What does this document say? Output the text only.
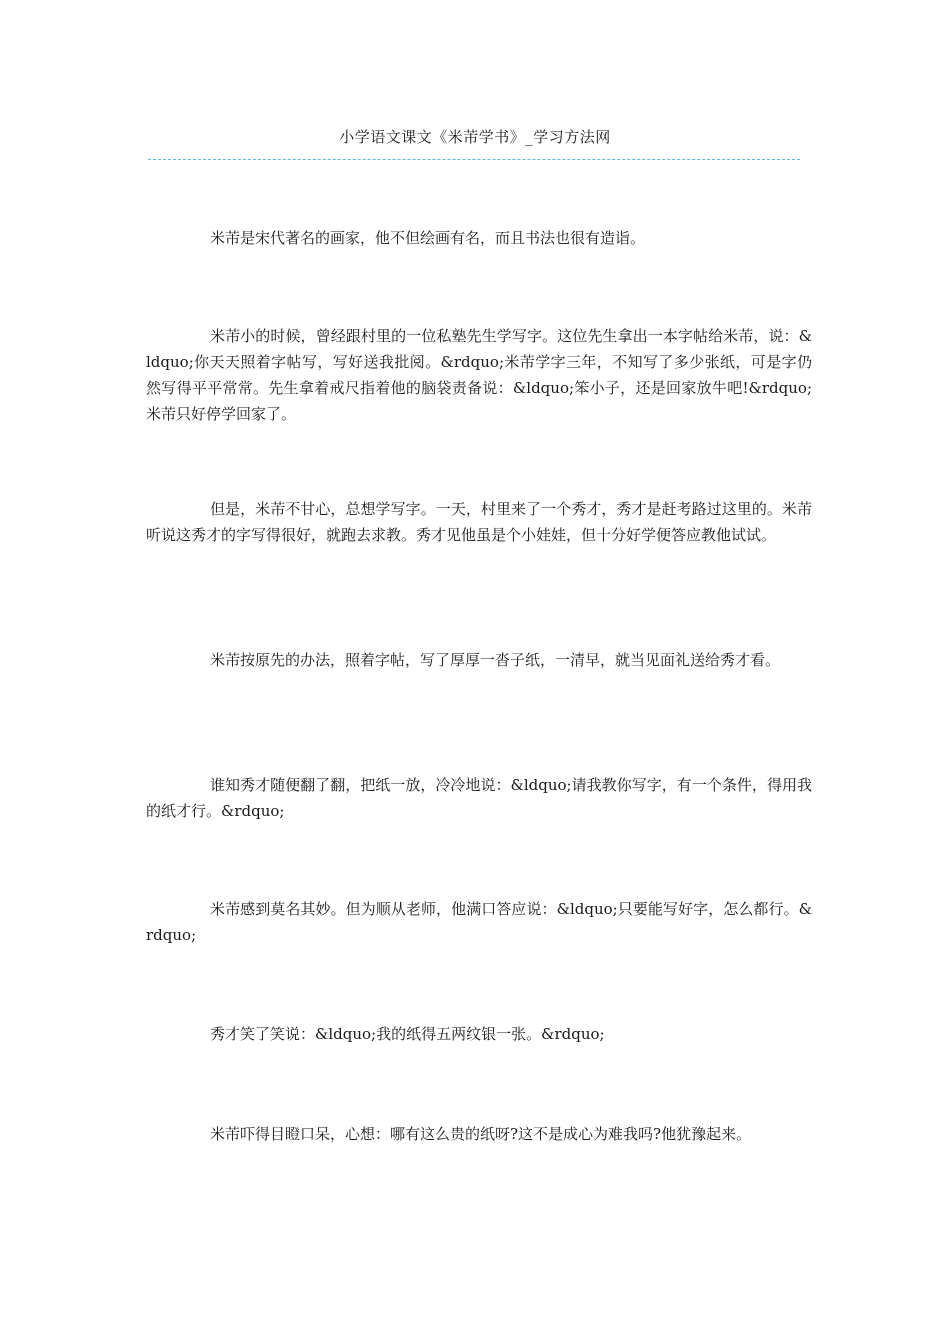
小学语文课文《米芾学书》_学习方法网

米芾是宋代著名的画家，他不但绘画有名，而且书法也很有造诣。

米芾小的时候，曾经跟村里的一位私塾先生学写字。这位先生拿出一本字帖给米芾，说：&ldquo;你天天照着字帖写，写好送我批阅。&rdquo;米芾学字三年，不知写了多少张纸，可是字仍然写得平平常常。先生拿着戒尺指着他的脑袋责备说：&ldquo;笨小子，还是回家放牛吧!&rdquo;米芾只好停学回家了。

但是，米芾不甘心，总想学写字。一天，村里来了一个秀才，秀才是赶考路过这里的。米芾听说这秀才的字写得很好，就跑去求教。秀才见他虽是个小娃娃，但十分好学便答应教他试试。

米芾按原先的办法，照着字帖，写了厚厚一沓子纸，一清早，就当见面礼送给秀才看。

谁知秀才随便翻了翻，把纸一放，冷冷地说：&ldquo;请我教你写字，有一个条件，得用我的纸才行。&rdquo;

米芾感到莫名其妙。但为顺从老师，他满口答应说：&ldquo;只要能写好字，怎么都行。&rdquo;

秀才笑了笑说：&ldquo;我的纸得五两纹银一张。&rdquo;

米芾吓得目瞪口呆，心想：哪有这么贵的纸呀?这不是成心为难我吗?他犹豫起来。
